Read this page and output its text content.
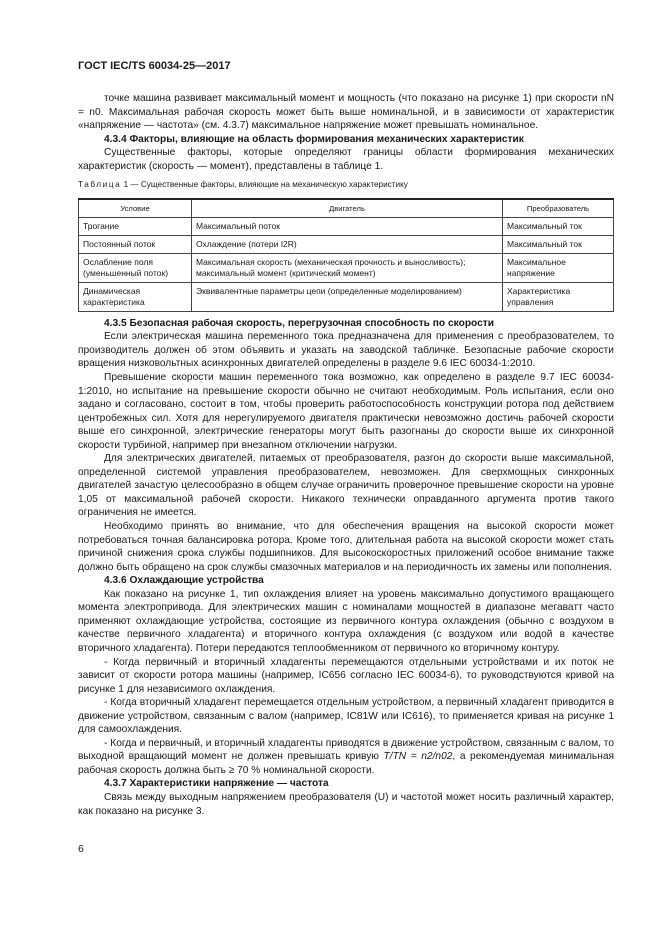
ГОСТ IEC/TS 60034-25—2017

точке машина развивает максимальный момент и мощность (что показано на рисунке 1) при скорости nN = n0. Максимальная рабочая скорость может быть выше номинальной, и в зависимости от характеристик «напряжение — частота» (см. 4.3.7) максимальное напряжение может превышать номинальное.

4.3.4 Факторы, влияющие на область формирования механических характеристик

Существенные факторы, которые определяют границы области формирования механических характеристик (скорость — момент), представлены в таблице 1.

Таблица 1 — Существенные факторы, влияющие на механическую характеристику

Условие	Двигатель	Преобразователь
Трогание	Максимальный поток	Максимальный ток
Постоянный поток	Охлаждение (потери I2R)	Максимальный ток
Ослабление поля (уменьшенный поток)	Максимальная скорость (механическая прочность и выносливость); максимальный момент (критический момент)	Максимальное напряжение
Динамическая характеристика	Эквивалентные параметры цепи (определенные моделированием)	Характеристика управления
4.3.5 Безопасная рабочая скорость, перегрузочная способность по скорости

Если электрическая машина переменного тока предназначена для применения с преобразователем, то производитель должен об этом объявить и указать на заводской табличке. Безопасные рабочие скорости вращения низковольтных асинхронных двигателей определены в разделе 9.6 IEC 60034-1:2010.

Превышение скорости машин переменного тока возможно, как определено в разделе 9.7 IEC 60034-1:2010, но испытание на превышение скорости обычно не считают необходимым. Роль испытания, если оно задано и согласовано, состоит в том, чтобы проверить работоспособность конструкции ротора под действием центробежных сил. Хотя для нерегулируемого двигателя практически невозможно достичь рабочей скорости выше его синхронной, электрические генераторы могут быть разогнаны до скорости выше их синхронной скорости турбиной, например при внезапном отключении нагрузки.

Для электрических двигателей, питаемых от преобразователя, разгон до скорости выше максимальной, определенной системой управления преобразователем, невозможен. Для сверхмощных синхронных двигателей зачастую целесообразно в общем случае ограничить проверочное превышение скорости на уровне 1,05 от максимальной рабочей скорости. Никакого технически оправданного аргумента против такого ограничения не имеется.

Необходимо принять во внимание, что для обеспечения вращения на высокой скорости может потребоваться точная балансировка ротора. Кроме того, длительная работа на высокой скорости может стать причиной снижения срока службы подшипников. Для высокоскоростных приложений особое внимание также должно быть обращено на срок службы смазочных материалов и на периодичность их замены или пополнения.

4.3.6 Охлаждающие устройства

Как показано на рисунке 1, тип охлаждения влияет на уровень максимально допустимого вращающего момента электропривода. Для электрических машин с номиналами мощностей в диапазоне мегаватт часто применяют охлаждающие устройства, состоящие из первичного контура охлаждения (обычно с воздухом в качестве первичного хладагента) и вторичного контура охлаждения (с воздухом или водой в качестве вторичного хладагента). Потери передаются теплообменником от первичного ко вторичному контуру.

- Когда первичный и вторичный хладагенты перемещаются отдельными устройствами и их поток не зависит от скорости ротора машины (например, IC656 согласно IEC 60034-6), то руководствуются кривой на рисунке 1 для независимого охлаждения.

- Когда вторичный хладагент перемещается отдельным устройством, а первичный хладагент приводится в движение устройством, связанным с валом (например, IC81W или IC616), то применяется кривая на рисунке 1 для самоохлаждения.

- Когда и первичный, и вторичный хладагенты приводятся в движение устройством, связанным с валом, то выходной вращающий момент не должен превышать кривую T/TN = n2/n02, а рекомендуемая минимальная рабочая скорость должна быть ≥ 70 % номинальной скорости.

4.3.7 Характеристики напряжение — частота

Связь между выходным напряжением преобразователя (U) и частотой может носить различный характер, как показано на рисунке 3.

6
